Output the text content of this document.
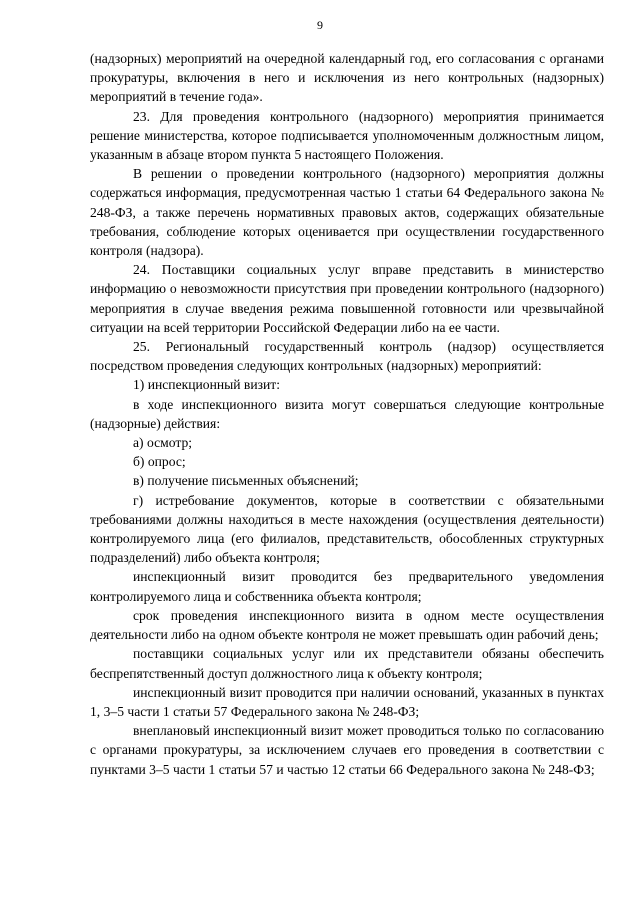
9

(надзорных) мероприятий на очередной календарный год, его согласования с органами прокуратуры, включения в него и исключения из него контрольных (надзорных) мероприятий в течение года».

23. Для проведения контрольного (надзорного) мероприятия принимается решение министерства, которое подписывается уполномоченным должностным лицом, указанным в абзаце втором пункта 5 настоящего Положения.

В решении о проведении контрольного (надзорного) мероприятия должны содержаться информация, предусмотренная частью 1 статьи 64 Федерального закона № 248-ФЗ, а также перечень нормативных правовых актов, содержащих обязательные требования, соблюдение которых оценивается при осуществлении государственного контроля (надзора).

24. Поставщики социальных услуг вправе представить в министерство информацию о невозможности присутствия при проведении контрольного (надзорного) мероприятия в случае введения режима повышенной готовности или чрезвычайной ситуации на всей территории Российской Федерации либо на ее части.

25. Региональный государственный контроль (надзор) осуществляется посредством проведения следующих контрольных (надзорных) мероприятий:

1) инспекционный визит:

в ходе инспекционного визита могут совершаться следующие контрольные (надзорные) действия:

а) осмотр;

б) опрос;

в) получение письменных объяснений;

г) истребование документов, которые в соответствии с обязательными требованиями должны находиться в месте нахождения (осуществления деятельности) контролируемого лица (его филиалов, представительств, обособленных структурных подразделений) либо объекта контроля;

инспекционный визит проводится без предварительного уведомления контролируемого лица и собственника объекта контроля;

срок проведения инспекционного визита в одном месте осуществления деятельности либо на одном объекте контроля не может превышать один рабочий день;

поставщики социальных услуг или их представители обязаны обеспечить беспрепятственный доступ должностного лица к объекту контроля;

инспекционный визит проводится при наличии оснований, указанных в пунктах 1, 3–5 части 1 статьи 57 Федерального закона № 248-ФЗ;

внеплановый инспекционный визит может проводиться только по согласованию с органами прокуратуры, за исключением случаев его проведения в соответствии с пунктами 3–5 части 1 статьи 57 и частью 12 статьи 66 Федерального закона № 248-ФЗ;
